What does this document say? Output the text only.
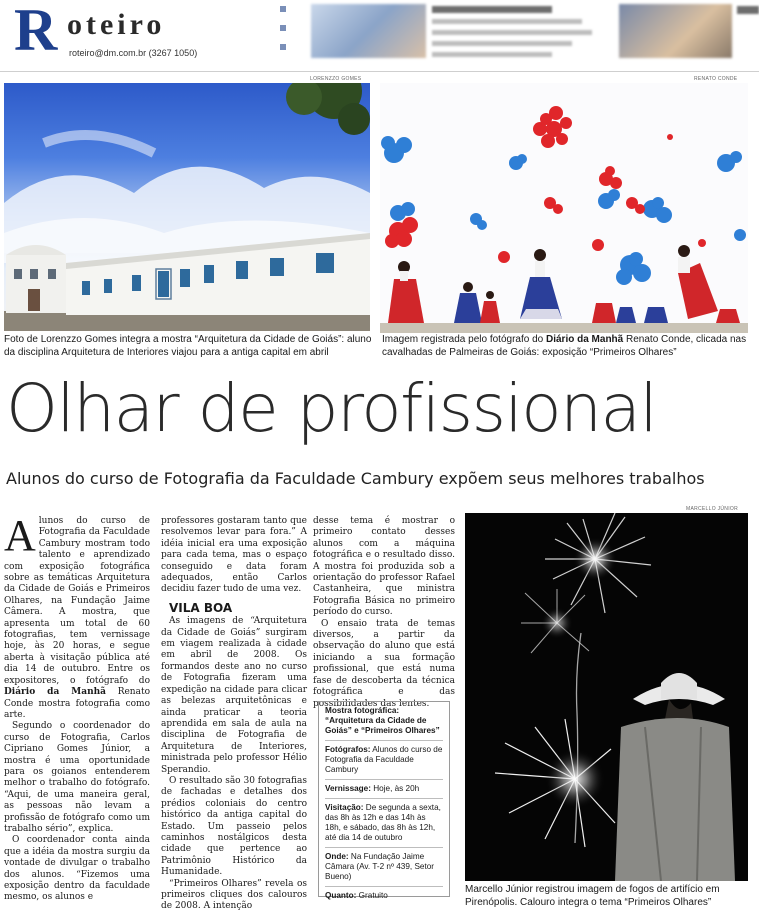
R oteiro
roteiro@dm.com.br (3267 1050)
LORENZZO GOMES
Foto de Lorenzzo Gomes integra a mostra “Arquitetura da Cidade de Goiás”: aluno da disciplina Arquitetura de Interiores viajou para a antiga capital em abril
RENATO CONDE
Imagem registrada pelo fotógrafo do Diário da Manhã Renato Conde, clicada nas cavalhadas de Palmeiras de Goiás: exposição “Primeiros Olhares”
Olhar de profissional
Alunos do curso de Fotografia da Faculdade Cambury expõem seus melhores trabalhos

Alunos do curso de Fotografia da Faculdade Cambury mostram todo talento e aprendizado com exposição fotográfica sobre as temáticas Arquitetura da Cidade de Goiás e Primeiros Olhares, na Fundação Jaime Câmera. A mostra, que apresenta um total de 60 fotografias, tem vernissage hoje, às 20 horas, e segue aberta à visitação pública até dia 14 de outubro. Entre os expositores, o fotógrafo do Diário da Manhã Renato Conde mostra fotografia como arte.

Segundo o coordenador do curso de Fotografia, Carlos Cipriano Gomes Júnior, a mostra é uma oportunidade para os goianos entenderem melhor o trabalho do fotógrafo. “Aqui, de uma maneira geral, as pessoas não levam a profissão de fotógrafo como um trabalho sério”, explica.

O coordenador conta ainda que a idéia da mostra surgiu da vontade de divulgar o trabalho dos alunos. “Fizemos uma exposição dentro da faculdade mesmo, os alunos e

professores gostaram tanto que resolvemos levar para fora.” A idéia inicial era uma exposição para cada tema, mas o espaço conseguido e data foram adequados, então Carlos decidiu fazer tudo de uma vez.

VILA BOA

As imagens de “Arquitetura da Cidade de Goiás” surgiram em viagem realizada à cidade em abril de 2008. Os formandos deste ano no curso de Fotografia fizeram uma expedição na cidade para clicar as belezas arquitetônicas e ainda praticar a teoria aprendida em sala de aula na disciplina de Fotografia de Arquitetura de Interiores, ministrada pelo professor Hélio Sperandio.

O resultado são 30 fotografias de fachadas e detalhes dos prédios coloniais do centro histórico da antiga capital do Estado. Um passeio pelos caminhos nostálgicos desta cidade que pertence ao Patrimônio Histórico da Humanidade.

“Primeiros Olhares” revela os primeiros cliques dos calouros de 2008. A intenção

desse tema é mostrar o primeiro contato desses alunos com a máquina fotográfica e o resultado disso. A mostra foi produzida sob a orientação do professor Rafael Castanheira, que ministra Fotografia Básica no primeiro período do curso.

O ensaio trata de temas diversos, a partir da observação do aluno que está iniciando a sua formação profissional, que está numa fase de descoberta da técnica fotográfica e das possibilidades das lentes.

Mostra fotográfica: “Arquitetura da Cidade de Goiás” e “Primeiros Olhares”
Fotógrafos: Alunos do curso de Fotografia da Faculdade Cambury
Vernissage: Hoje, às 20h
Visitação: De segunda a sexta, das 8h às 12h e das 14h às 18h, e sábado, das 8h às 12h, até dia 14 de outubro
Onde: Na Fundação Jaime Câmara (Av. T-2 nº 439, Setor Bueno)
Quanto: Gratuito
MARCELLO JÚNIOR
Marcello Júnior registrou imagem de fogos de artifício em Pirenópolis. Calouro integra o tema “Primeiros Olhares”
